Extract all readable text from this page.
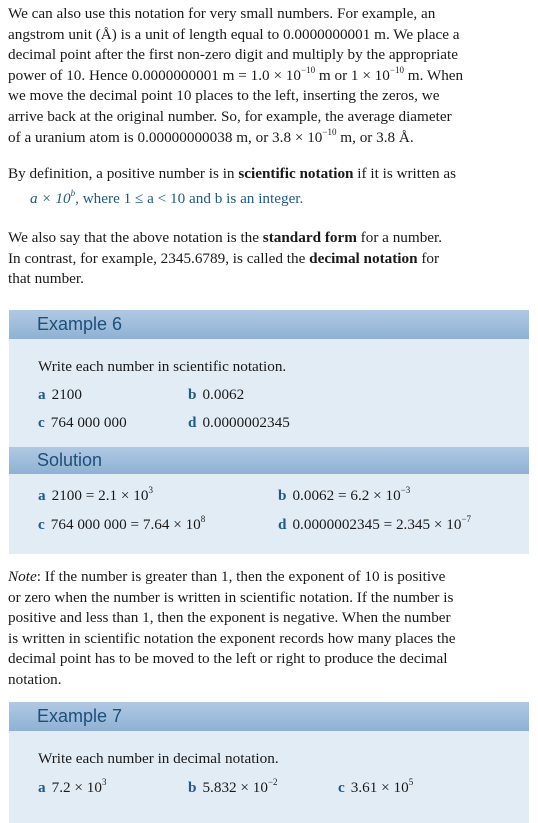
We can also use this notation for very small numbers. For example, an
angstrom unit (Å) is a unit of length equal to 0.0000000001 m. We place a
decimal point after the first non-zero digit and multiply by the appropriate
power of 10. Hence 0.0000000001 $m = 1.0 \times 10^{-10}$ m or $1 \times 10^{-10}$ m. When
we move the decimal point 10 places to the left, inserting the zeros, we
arrive back at the original number. So, for example, the average diameter
of a uranium atom is 0.00000000038 m, or $3.8 \times 10^{-10}$ m, or 3.8 Å.
By definition, a positive number is in scientific notation if it is written as
$a \times 10^b$, where 1 ≤ a < 10 and b is an integer.
We also say that the above notation is the standard form for a number.
In contrast, for example, 2345.6789, is called the decimal notation for
that number.
Example 6
Write each number in scientific notation.
a 2100	b 0.0062
c 764 000 000	d 0.0000002345
Solution
a $2100 = 2.1 \times 10^3$	b $0.0062 = 6.2 \times 10^{-3}$
c 764 000 $000 = 7.64 \times 10^8$	d $0.0000002345 = 2.345 \times 10^{-7}$
Note: If the number is greater than 1, then the exponent of 10 is positive
or zero when the number is written in scientific notation. If the number is
positive and less than 1, then the exponent is negative. When the number
is written in scientific notation the exponent records how many places the
decimal point has to be moved to the left or right to produce the decimal
notation.
Example 7
Write each number in decimal notation.
a $7.2 \times 10^3$	b $5.832 \times 10^{-2}$	c $3.61 \times 10^5$
